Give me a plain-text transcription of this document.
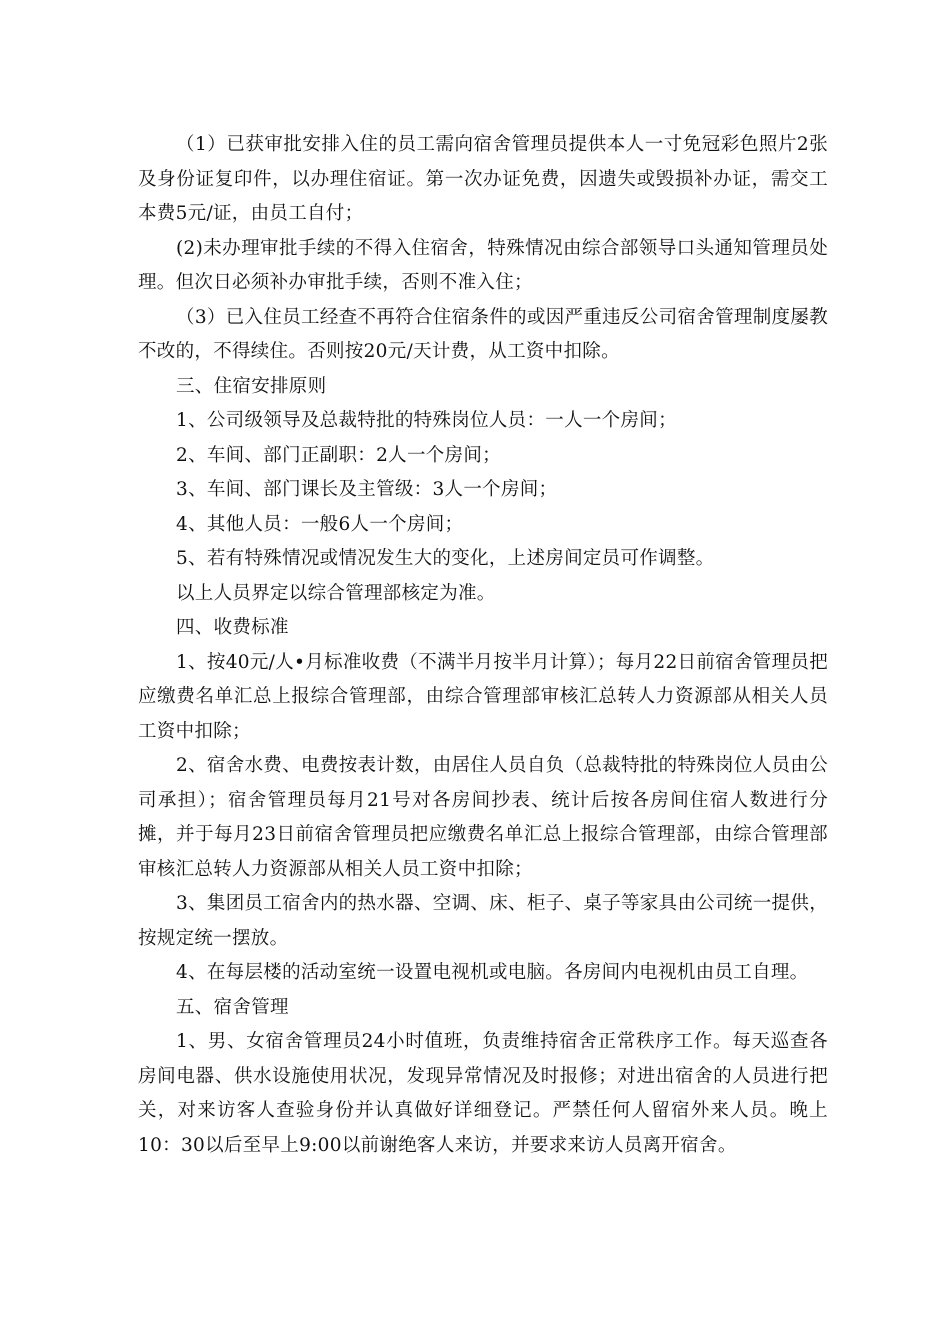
（1）已获审批安排入住的员工需向宿舍管理员提供本人一寸免冠彩色照片2张及身份证复印件，以办理住宿证。第一次办证免费，因遗失或毁损补办证，需交工本费5元/证，由员工自付；

(2)未办理审批手续的不得入住宿舍，特殊情况由综合部领导口头通知管理员处理。但次日必须补办审批手续，否则不准入住；

（3）已入住员工经查不再符合住宿条件的或因严重违反公司宿舍管理制度屡教不改的，不得续住。否则按20元/天计费，从工资中扣除。

三、住宿安排原则

1、公司级领导及总裁特批的特殊岗位人员：一人一个房间；

2、车间、部门正副职：2人一个房间；

3、车间、部门课长及主管级：3人一个房间；

4、其他人员：一般6人一个房间；

5、若有特殊情况或情况发生大的变化，上述房间定员可作调整。

以上人员界定以综合管理部核定为准。

四、收费标准

1、按40元/人•月标准收费（不满半月按半月计算）；每月22日前宿舍管理员把应缴费名单汇总上报综合管理部，由综合管理部审核汇总转人力资源部从相关人员工资中扣除；

2、宿舍水费、电费按表计数，由居住人员自负（总裁特批的特殊岗位人员由公司承担）；宿舍管理员每月21号对各房间抄表、统计后按各房间住宿人数进行分摊，并于每月23日前宿舍管理员把应缴费名单汇总上报综合管理部，由综合管理部审核汇总转人力资源部从相关人员工资中扣除；

3、集团员工宿舍内的热水器、空调、床、柜子、桌子等家具由公司统一提供，按规定统一摆放。

4、在每层楼的活动室统一设置电视机或电脑。各房间内电视机由员工自理。

五、宿舍管理

1、男、女宿舍管理员24小时值班，负责维持宿舍正常秩序工作。每天巡查各房间电器、供水设施使用状况，发现异常情况及时报修；对进出宿舍的人员进行把关，对来访客人查验身份并认真做好详细登记。严禁任何人留宿外来人员。晚上10：30以后至早上9:00以前谢绝客人来访，并要求来访人员离开宿舍。
